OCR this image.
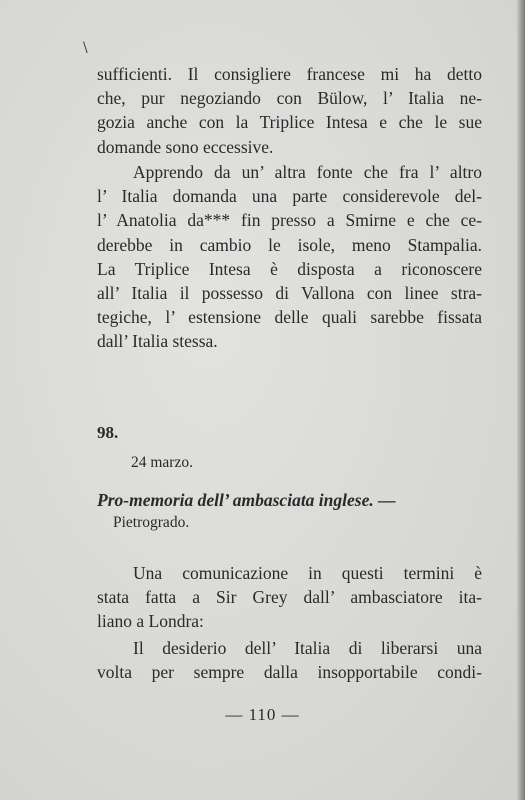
\
sufficienti. Il consigliere francese mi ha detto
che, pur negoziando con Bülow, l’ Italia ne-
gozia anche con la Triplice Intesa e che le sue
domande sono eccessive.
Apprendo da un’ altra fonte che fra l’ altro
l’ Italia domanda una parte considerevole del-
l’ Anatolia da*** fin presso a Smirne e che ce-
derebbe in cambio le isole, meno Stampalia.
La Triplice Intesa è disposta a riconoscere
all’ Italia il possesso di Vallona con linee stra-
tegiche, l’ estensione delle quali sarebbe fissata
dall’ Italia stessa.
98.
24 marzo.
Pro-memoria dell’ ambasciata inglese. —
Pietrogrado.
Una comunicazione in questi termini è
stata fatta a Sir Grey dall’ ambasciatore ita-
liano a Londra:
Il desiderio dell’ Italia di liberarsi una
volta per sempre dalla insopportabile condi-
— 110 —
